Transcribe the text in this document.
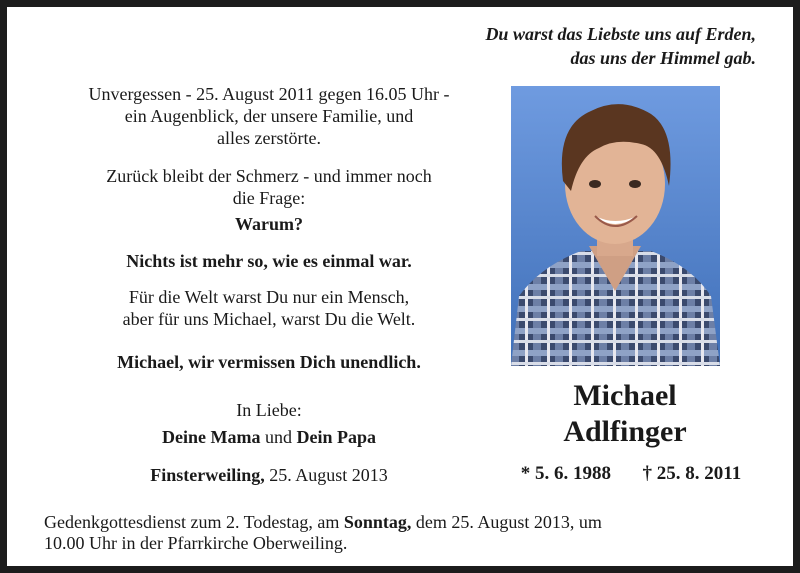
Du warst das Liebste uns auf Erden,
das uns der Himmel gab.
Unvergessen - 25. August 2011 gegen 16.05 Uhr -
ein Augenblick, der unsere Familie, und
alles zerstörte.
Zurück bleibt der Schmerz - und immer noch
die Frage:
Warum?
Nichts ist mehr so, wie es einmal war.
Für die Welt warst Du nur ein Mensch,
aber für uns Michael, warst Du die Welt.
Michael, wir vermissen Dich unendlich.
In Liebe:
Deine Mama und Dein Papa
Finsterweiling, 25. August 2013
Michael
Adlfinger
* 5. 6. 1988 † 25. 8. 2011
Gedenkgottesdienst zum 2. Todestag, am Sonntag, dem 25. August 2013, um
10.00 Uhr in der Pfarrkirche Oberweiling.
